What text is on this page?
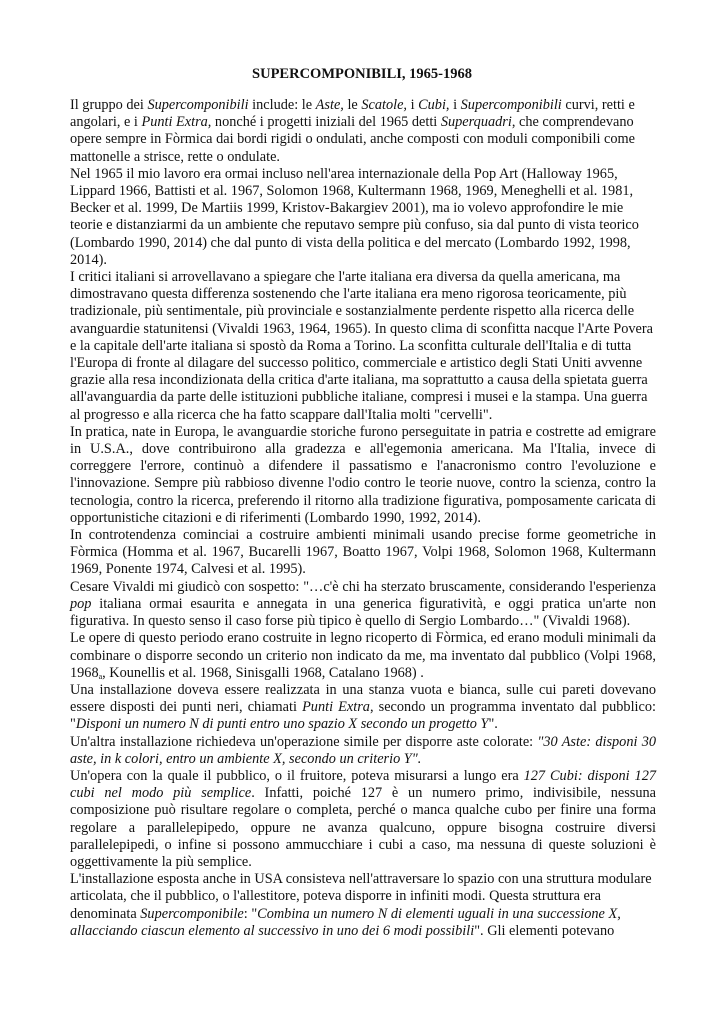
SUPERCOMPONIBILI, 1965-1968

Il gruppo dei Supercomponibili include: le Aste, le Scatole, i Cubi, i Supercomponibili curvi, retti e angolari, e i Punti Extra, nonché i progetti iniziali del 1965 detti Superquadri, che comprendevano opere sempre in Fòrmica dai bordi rigidi o ondulati, anche composti con moduli componibili come mattonelle a strisce, rette o ondulate.

Nel 1965 il mio lavoro era ormai incluso nell'area internazionale della Pop Art (Halloway 1965, Lippard 1966, Battisti et al. 1967, Solomon 1968, Kultermann 1968, 1969, Meneghelli et al. 1981, Becker et al. 1999, De Martiis 1999, Kristov-Bakargiev 2001), ma io volevo approfondire le mie teorie e distanziarmi da un ambiente che reputavo sempre più confuso, sia dal punto di vista teorico (Lombardo 1990, 2014) che dal punto di vista della politica e del mercato (Lombardo 1992, 1998, 2014).

I critici italiani si arrovellavano a spiegare che l'arte italiana era diversa da quella americana, ma dimostravano questa differenza sostenendo che l'arte italiana era meno rigorosa teoricamente, più tradizionale, più sentimentale, più provinciale e sostanzialmente perdente rispetto alla ricerca delle avanguardie statunitensi (Vivaldi 1963, 1964, 1965). In questo clima di sconfitta nacque l'Arte Povera e la capitale dell'arte italiana si spostò da Roma a Torino. La sconfitta culturale dell'Italia e di tutta l'Europa di fronte al dilagare del successo politico, commerciale e artistico degli Stati Uniti avvenne grazie alla resa incondizionata della critica d'arte italiana, ma soprattutto a causa della spietata guerra all'avanguardia da parte delle istituzioni pubbliche italiane, compresi i musei e la stampa. Una guerra al progresso e alla ricerca che ha fatto scappare dall'Italia molti "cervelli".

In pratica, nate in Europa, le avanguardie storiche furono perseguitate in patria e costrette ad emigrare in U.S.A., dove contribuirono alla gradezza e all'egemonia americana. Ma l'Italia, invece di correggere l'errore, continuò a difendere il passatismo e l'anacronismo contro l'evoluzione e l'innovazione. Sempre più rabbioso divenne l'odio contro le teorie nuove, contro la scienza, contro la tecnologia, contro la ricerca, preferendo il ritorno alla tradizione figurativa, pomposamente caricata di opportunistiche citazioni e di riferimenti (Lombardo 1990, 1992, 2014).

In controtendenza cominciai a costruire ambienti minimali usando precise forme geometriche in Fòrmica (Homma et al. 1967, Bucarelli 1967, Boatto 1967, Volpi 1968, Solomon 1968, Kultermann 1969, Ponente 1974, Calvesi et al. 1995).

Cesare Vivaldi mi giudicò con sospetto: "…c'è chi ha sterzato bruscamente, considerando l'esperienza pop italiana ormai esaurita e annegata in una generica figuratività, e oggi pratica un'arte non figurativa. In questo senso il caso forse più tipico è quello di Sergio Lombardo…" (Vivaldi 1968).

Le opere di questo periodo erano costruite in legno ricoperto di Fòrmica, ed erano moduli minimali da combinare o disporre secondo un criterio non indicato da me, ma inventato dal pubblico (Volpi 1968, $1968_a$, Kounellis et al. 1968, Sinisgalli 1968, Catalano 1968) .

Una installazione doveva essere realizzata in una stanza vuota e bianca, sulle cui pareti dovevano essere disposti dei punti neri, chiamati Punti Extra, secondo un programma inventato dal pubblico: "Disponi un numero N di punti entro uno spazio X secondo un progetto Y".

Un'altra installazione richiedeva un'operazione simile per disporre aste colorate: "30 Aste: disponi 30 aste, in k colori, entro un ambiente X, secondo un criterio Y".

Un'opera con la quale il pubblico, o il fruitore, poteva misurarsi a lungo era 127 Cubi: disponi 127 cubi nel modo più semplice. Infatti, poiché 127 è un numero primo, indivisibile, nessuna composizione può risultare regolare o completa, perché o manca qualche cubo per finire una forma regolare a parallelepipedo, oppure ne avanza qualcuno, oppure bisogna costruire diversi parallelepipedi, o infine si possono ammucchiare i cubi a caso, ma nessuna di queste soluzioni è oggettivamente la più semplice.

L'installazione esposta anche in USA consisteva nell'attraversare lo spazio con una struttura modulare articolata, che il pubblico, o l'allestitore, poteva disporre in infiniti modi. Questa struttura era denominata Supercomponibile: "Combina un numero N di elementi uguali in una successione X, allacciando ciascun elemento al successivo in uno dei 6 modi possibili". Gli elementi potevano
